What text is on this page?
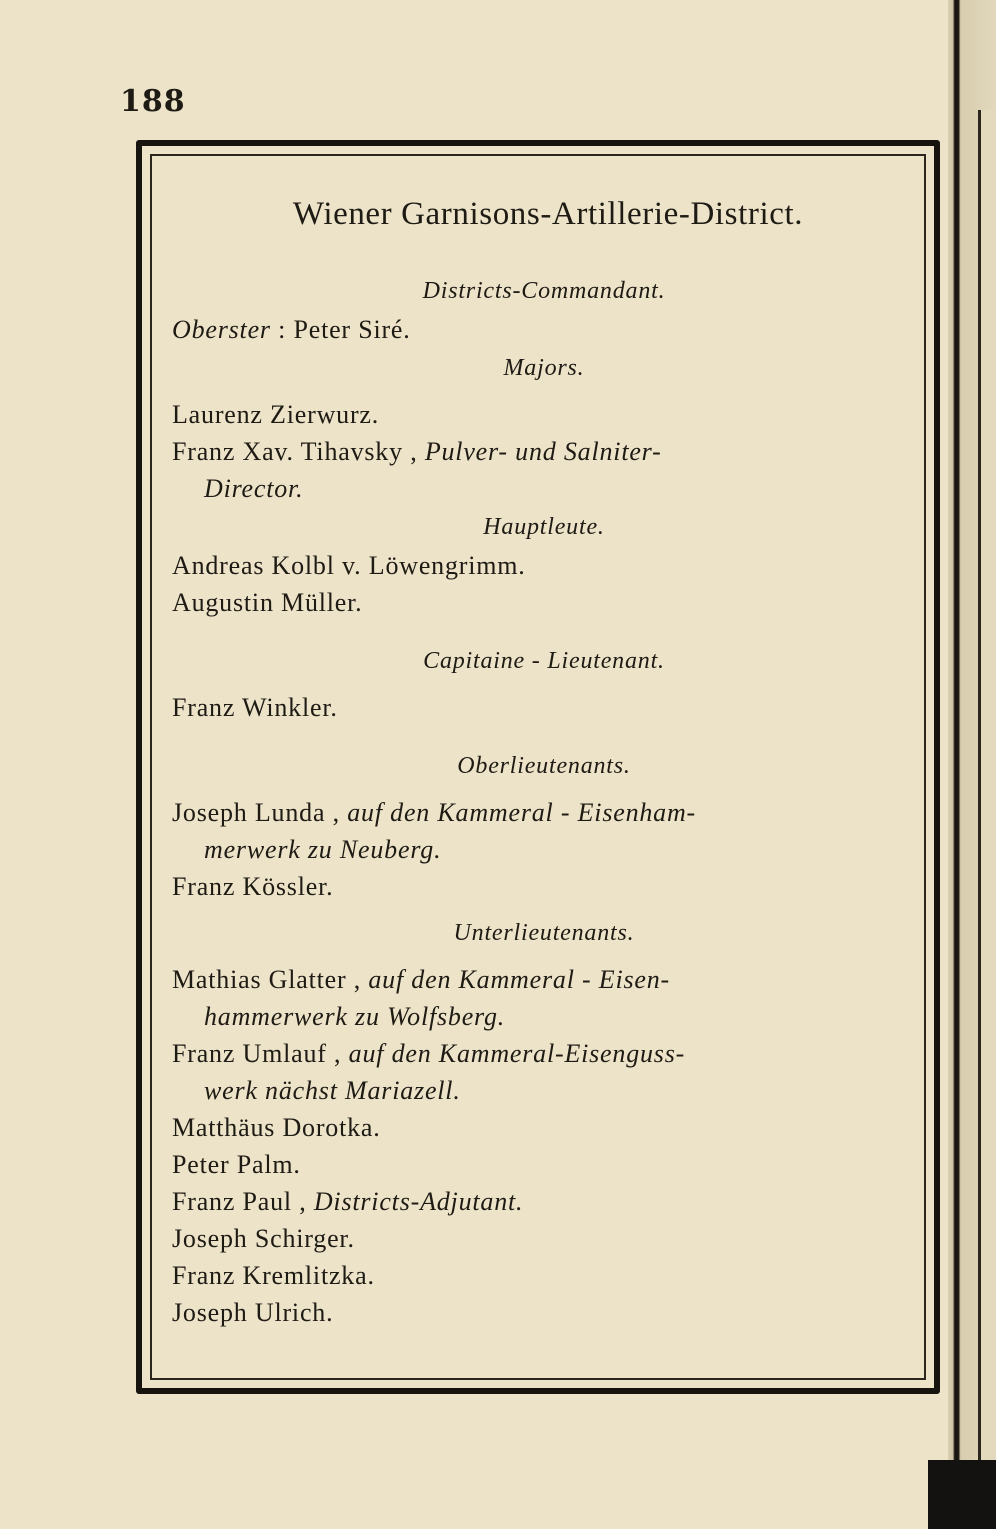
188

Wiener Garnisons-Artillerie-District.

Districts-Commandant.

Oberster : Peter Siré.

Majors.

Laurenz Zierwurz.

Franz Xav. Tihavsky , Pulver- und Salniter-

Director.

Hauptleute.

Andreas Kolbl v. Löwengrimm.

Augustin Müller.

Capitaine - Lieutenant.

Franz Winkler.

Oberlieutenants.

Joseph Lunda , auf den Kammeral - Eisenham-

merwerk zu Neuberg.

Franz Kössler.

Unterlieutenants.

Mathias Glatter , auf den Kammeral - Eisen-

hammerwerk zu Wolfsberg.

Franz Umlauf , auf den Kammeral-Eisenguss-

werk nächst Mariazell.

Matthäus Dorotka.

Peter Palm.

Franz Paul , Districts-Adjutant.

Joseph Schirger.

Franz Kremlitzka.

Joseph Ulrich.
